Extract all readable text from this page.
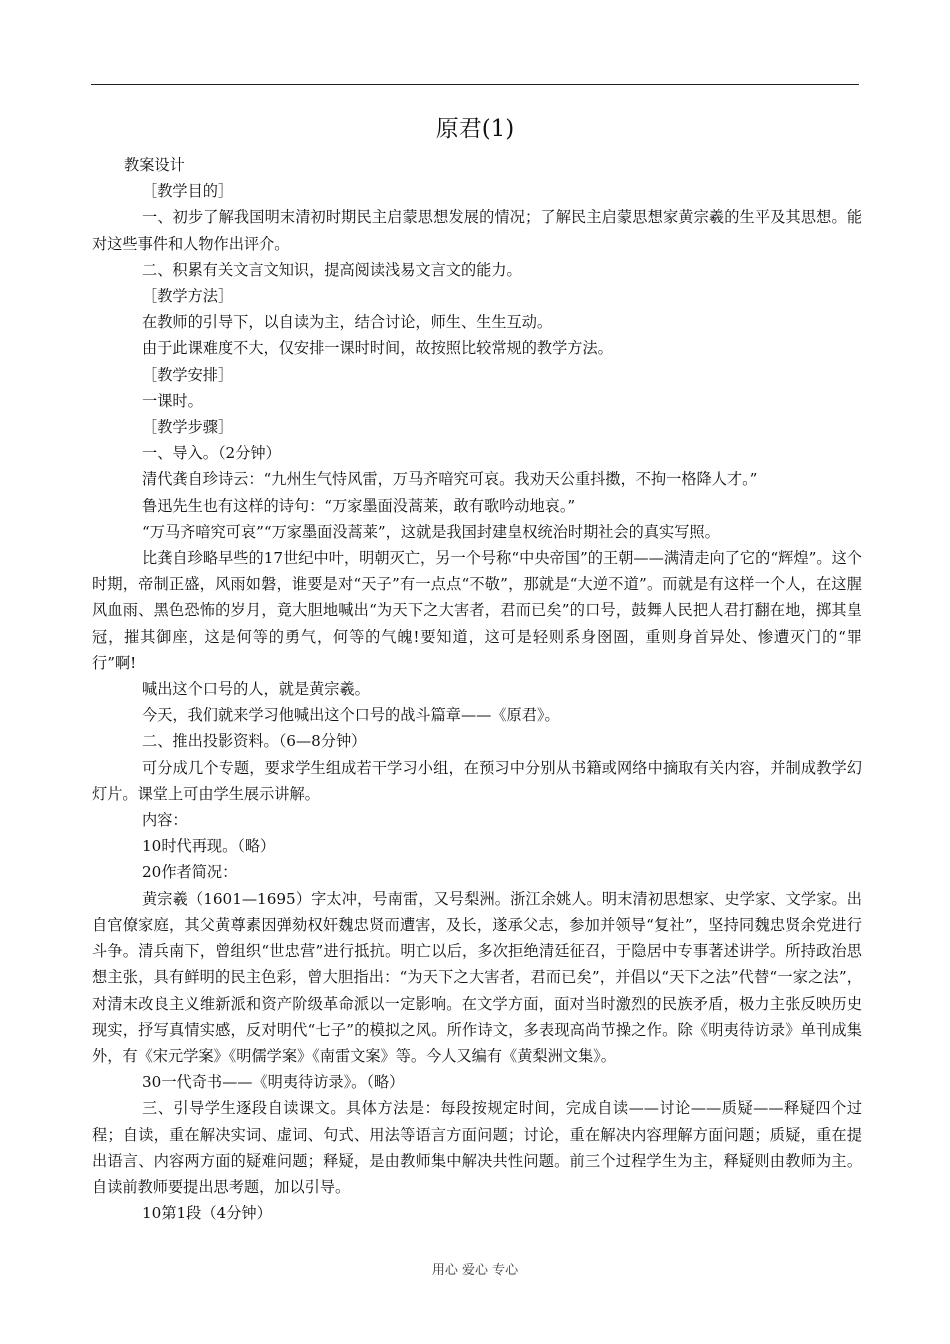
原君(1)

教案设计

［教学目的］

一、初步了解我国明末清初时期民主启蒙思想发展的情况；了解民主启蒙思想家黄宗羲的生平及其思想。能对这些事件和人物作出评介。

二、积累有关文言文知识，提高阅读浅易文言文的能力。

［教学方法］

在教师的引导下，以自读为主，结合讨论，师生、生生互动。

由于此课难度不大，仅安排一课时时间，故按照比较常规的教学方法。

［教学安排］

一课时。

［教学步骤］

一、导入。（2分钟）

清代龚自珍诗云：“九州生气恃风雷，万马齐喑究可哀。我劝天公重抖擞，不拘一格降人才。”

鲁迅先生也有这样的诗句：“万家墨面没蒿莱，敢有歌吟动地哀。”

“万马齐喑究可哀”“万家墨面没蒿莱”，这就是我国封建皇权统治时期社会的真实写照。

比龚自珍略早些的17世纪中叶，明朝灭亡，另一个号称“中央帝国”的王朝——满清走向了它的“辉煌”。这个时期，帝制正盛，风雨如磐，谁要是对“天子”有一点点“不敬”，那就是“大逆不道”。而就是有这样一个人，在这腥风血雨、黑色恐怖的岁月，竟大胆地喊出“为天下之大害者，君而已矣”的口号，鼓舞人民把人君打翻在地，掷其皇冠，摧其御座，这是何等的勇气，何等的气魄!要知道，这可是轻则系身囹圄，重则身首异处、惨遭灭门的“罪行”啊!

喊出这个口号的人，就是黄宗羲。

今天，我们就来学习他喊出这个口号的战斗篇章——《原君》。

二、推出投影资料。（6—8分钟）

可分成几个专题，要求学生组成若干学习小组，在预习中分别从书籍或网络中摘取有关内容，并制成教学幻灯片。课堂上可由学生展示讲解。

内容：

10时代再现。（略）

20作者简况：

黄宗羲（1601—1695）字太冲，号南雷，又号梨洲。浙江余姚人。明末清初思想家、史学家、文学家。出自官僚家庭，其父黄尊素因弹劾权奸魏忠贤而遭害，及长，遂承父志，参加并领导“复社”，坚持同魏忠贤余党进行斗争。清兵南下，曾组织“世忠营”进行抵抗。明亡以后，多次拒绝清廷征召，于隐居中专事著述讲学。所持政治思想主张，具有鲜明的民主色彩，曾大胆指出：“为天下之大害者，君而已矣”，并倡以“天下之法”代替“一家之法”，对清末改良主义维新派和资产阶级革命派以一定影响。在文学方面，面对当时激烈的民族矛盾，极力主张反映历史现实，抒写真情实感，反对明代“七子”的模拟之风。所作诗文，多表现高尚节操之作。除《明夷待访录》单刊成集外，有《宋元学案》《明儒学案》《南雷文案》等。今人又编有《黄梨洲文集》。

30一代奇书——《明夷待访录》。（略）

三、引导学生逐段自读课文。具体方法是：每段按规定时间，完成自读——讨论——质疑——释疑四个过程；自读，重在解决实词、虚词、句式、用法等语言方面问题；讨论，重在解决内容理解方面问题；质疑，重在提出语言、内容两方面的疑难问题；释疑，是由教师集中解决共性问题。前三个过程学生为主，释疑则由教师为主。自读前教师要提出思考题，加以引导。

10第1段（4分钟）

用心 爱心 专心
